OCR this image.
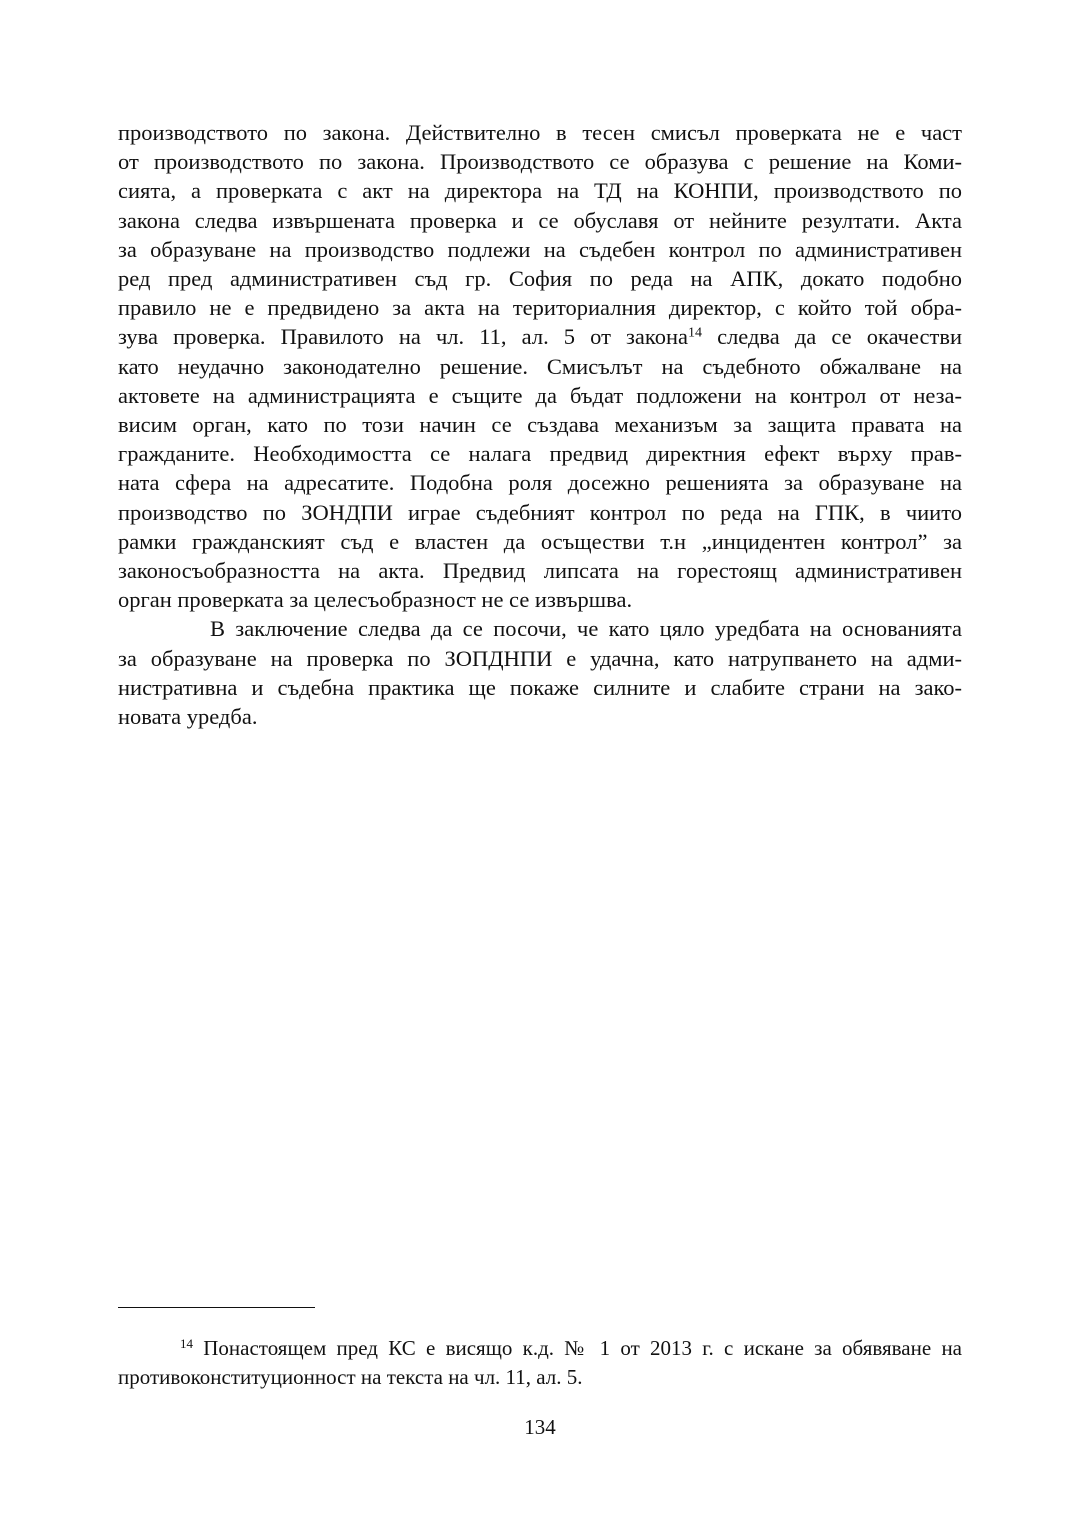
производството по закона. Действително в тесен смисъл проверката не е част
от производството по закона. Производството се образува с решение на Коми-
сията, а проверката с акт на директора на ТД на КОНПИ, производството по
закона следва извършената проверка и се обуславя от нейните резултати. Акта
за образуване на производство подлежи на съдебен контрол по административен
ред пред административен съд гр. София по реда на АПК, докато подобно
правило не е предвидено за акта на териториалния директор, с който той обра-
зува проверка. Правилото на чл. 11, ал. 5 от закона$^{14}$ следва да се окачестви
като неудачно законодателно решение. Смисълът на съдебното обжалване на
актовете на администрацията е същите да бъдат подложени на контрол от неза-
висим орган, като по този начин се създава механизъм за защита правата на
гражданите. Необходимостта се налага предвид директния ефект върху прав-
ната сфера на адресатите. Подобна роля досежно решенията за образуване на
производство по ЗОНДПИ играе съдебният контрол по реда на ГПК, в чиито
рамки гражданският съд е властен да осъществи т.н „инцидентен контрол” за
законосъобразността на акта. Предвид липсата на горестоящ административен
орган проверката за целесъобразност не се извършва.

В заключение следва да се посочи, че като цяло уредбата на основанията
за образуване на проверка по ЗОПДНПИ е удачна, като натрупването на адми-
нистративна и съдебна практика ще покаже силните и слабите страни на зако-
новата уредба.

$^{14}$ Понастоящем пред КС е висящо к.д. № 1 от 2013 г. с искане за обявяване на
противоконституционност на текста на чл. 11, ал. 5.
134
